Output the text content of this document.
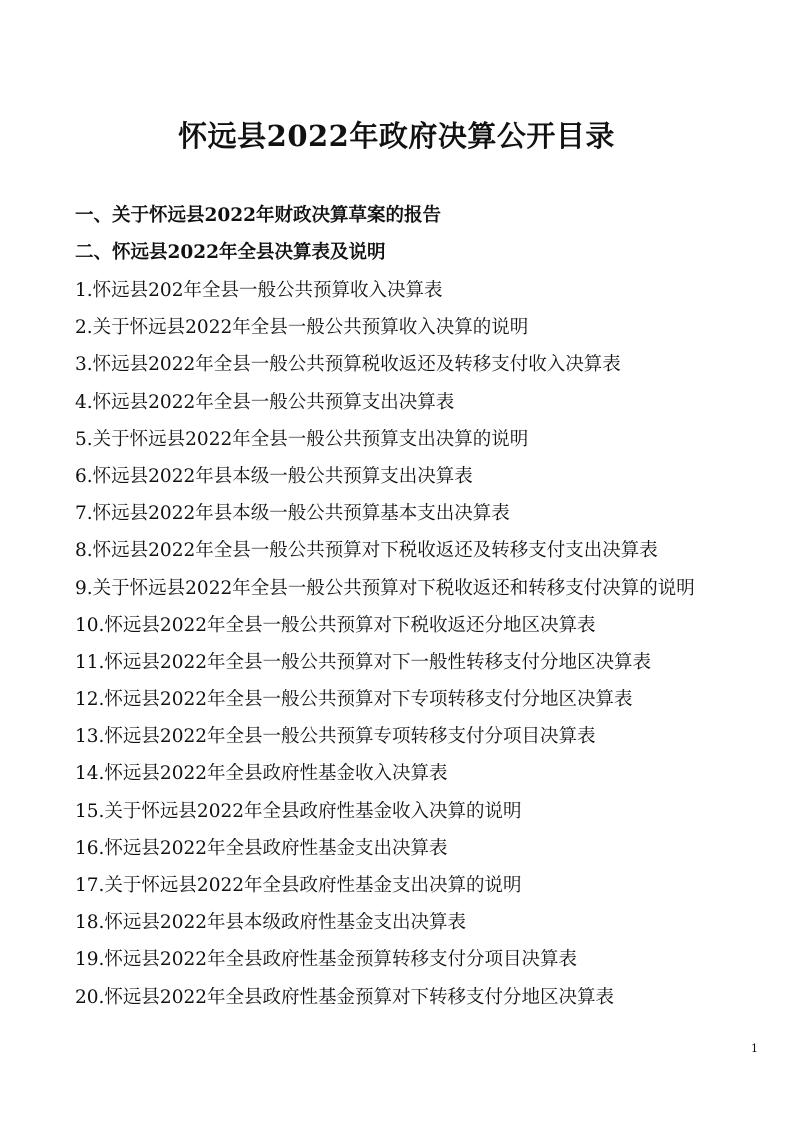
怀远县2022年政府决算公开目录
一、关于怀远县2022年财政决算草案的报告
二、怀远县2022年全县决算表及说明
1.怀远县202年全县一般公共预算收入决算表
2.关于怀远县2022年全县一般公共预算收入决算的说明
3.怀远县2022年全县一般公共预算税收返还及转移支付收入决算表
4.怀远县2022年全县一般公共预算支出决算表
5.关于怀远县2022年全县一般公共预算支出决算的说明
6.怀远县2022年县本级一般公共预算支出决算表
7.怀远县2022年县本级一般公共预算基本支出决算表
8.怀远县2022年全县一般公共预算对下税收返还及转移支付支出决算表
9.关于怀远县2022年全县一般公共预算对下税收返还和转移支付决算的说明
10.怀远县2022年全县一般公共预算对下税收返还分地区决算表
11.怀远县2022年全县一般公共预算对下一般性转移支付分地区决算表
12.怀远县2022年全县一般公共预算对下专项转移支付分地区决算表
13.怀远县2022年全县一般公共预算专项转移支付分项目决算表
14.怀远县2022年全县政府性基金收入决算表
15.关于怀远县2022年全县政府性基金收入决算的说明
16.怀远县2022年全县政府性基金支出决算表
17.关于怀远县2022年全县政府性基金支出决算的说明
18.怀远县2022年县本级政府性基金支出决算表
19.怀远县2022年全县政府性基金预算转移支付分项目决算表
20.怀远县2022年全县政府性基金预算对下转移支付分地区决算表
1
